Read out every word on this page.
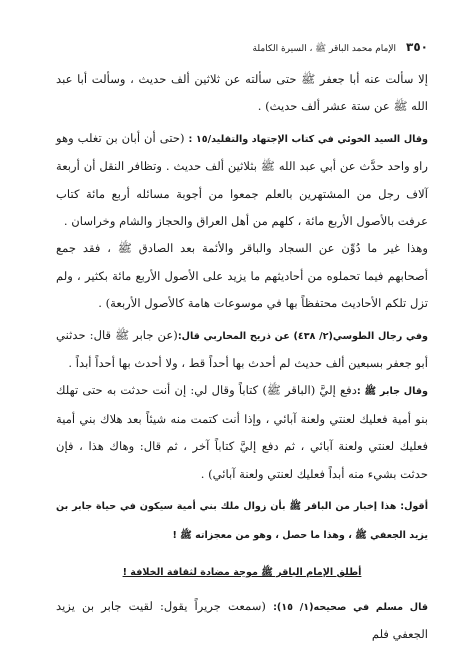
٣٥٠
الإمام محمد الباقر ﷺ ، السيرة الكاملة

إلا سألت عنه أبا جعفر ﷺ حتى سألته عن ثلاثين ألف حديث ، وسألت أبا عبد الله ﷺ عن ستة عشر ألف حديث) .

وقال السيد الخوئي في كتاب الإجتهاد والتقليد/١٥ : (حتى أن أبان بن تغلب وهو راو واحد حدَّث عن أبي عبد الله ﷺ بثلاثين ألف حديث . وتظافر النقل أن أربعة آلاف رجل من المشتهرين بالعلم جمعوا من أجوبة مسائله أربع مائة كتاب عرفت بالأصول الأربع مائة ، كلهم من أهل العراق والحجاز والشام وخراسان .

وهذا غير ما دُوِّن عن السجاد والباقر والأئمة بعد الصادق ﷺ ، فقد جمع أصحابهم فيما تحملوه من أحاديثهم ما يزيد على الأصول الأربع مائة بكثير ، ولم تزل تلكم الأحاديث محتفظاً بها في موسوعات هامة كالأصول الأربعة) .

وفي رجال الطوسي(٢/ ٤٣٨) عن ذريح المحاربي قال:(عن جابر ﷺ قال: حدثني أبو جعفر بسبعين ألف حديث لم أحدث بها أحداً قط ، ولا أحدث بها أحداً أبداً .

وقال جابر ﷺ :دفع إليَّ (الباقر ﷺ) كتاباً وقال لي: إن أنت حدثت به حتى تهلك بنو أمية فعليك لعنتي ولعنة آبائي ، وإذا أنت كتمت منه شيئاً بعد هلاك بني أمية فعليك لعنتي ولعنة آبائي ، ثم دفع إليَّ كتاباً آخر ، ثم قال: وهاك هذا ، فإن حدثت بشيء منه أبداً فعليك لعنتي ولعنة آبائي) .

أقول: هذا إخبار من الباقر ﷺ بأن زوال ملك بني أمية سيكون في حياة جابر بن يزيد الجعفي ﷺ ، وهذا ما حصل ، وهو من معجزاته ﷺ !

أطلق الإمام الباقر ﷺ موجة مضادة لثقافة الخلافة !

قال مسلم في صحيحه(١/ ١٥): (سمعت جريراً يقول: لقيت جابر بن يزيد الجعفي فلم
